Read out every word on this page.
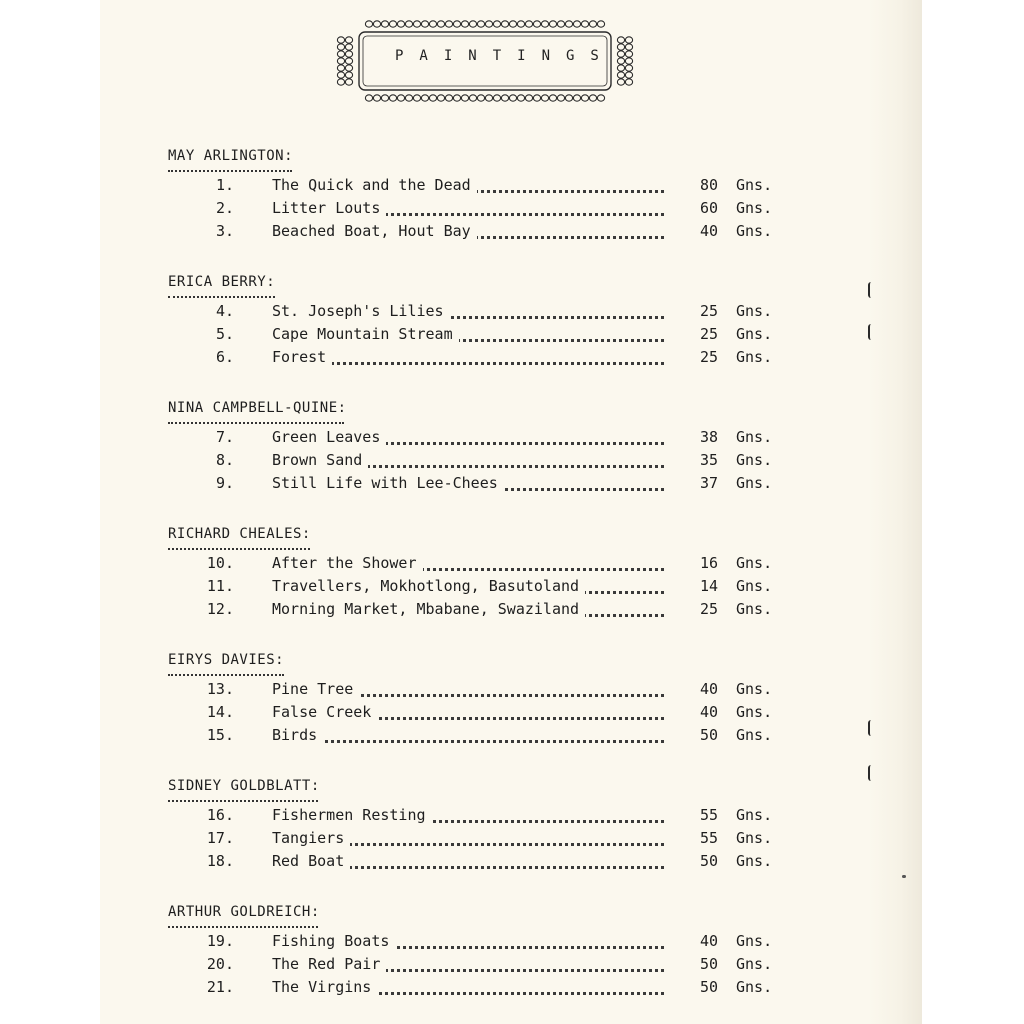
PAINTINGS
MAY ARLINGTON:
1.	The Quick and the Dead	80 Gns.
2.	Litter Louts	60 Gns.
3.	Beached Boat, Hout Bay	40 Gns.
ERICA BERRY:
4.	St. Joseph's Lilies	25 Gns.
5.	Cape Mountain Stream	25 Gns.
6.	Forest	25 Gns.
NINA CAMPBELL-QUINE:
7.	Green Leaves	38 Gns.
8.	Brown Sand	35 Gns.
9.	Still Life with Lee-Chees	37 Gns.
RICHARD CHEALES:
10.	After the Shower	16 Gns.
11.	Travellers, Mokhotlong, Basutoland	14 Gns.
12.	Morning Market, Mbabane, Swaziland	25 Gns.
EIRYS DAVIES:
13.	Pine Tree	40 Gns.
14.	False Creek	40 Gns.
15.	Birds	50 Gns.
SIDNEY GOLDBLATT:
16.	Fishermen Resting	55 Gns.
17.	Tangiers	55 Gns.
18.	Red Boat	50 Gns.
ARTHUR GOLDREICH:
19.	Fishing Boats	40 Gns.
20.	The Red Pair	50 Gns.
21.	The Virgins	50 Gns.
